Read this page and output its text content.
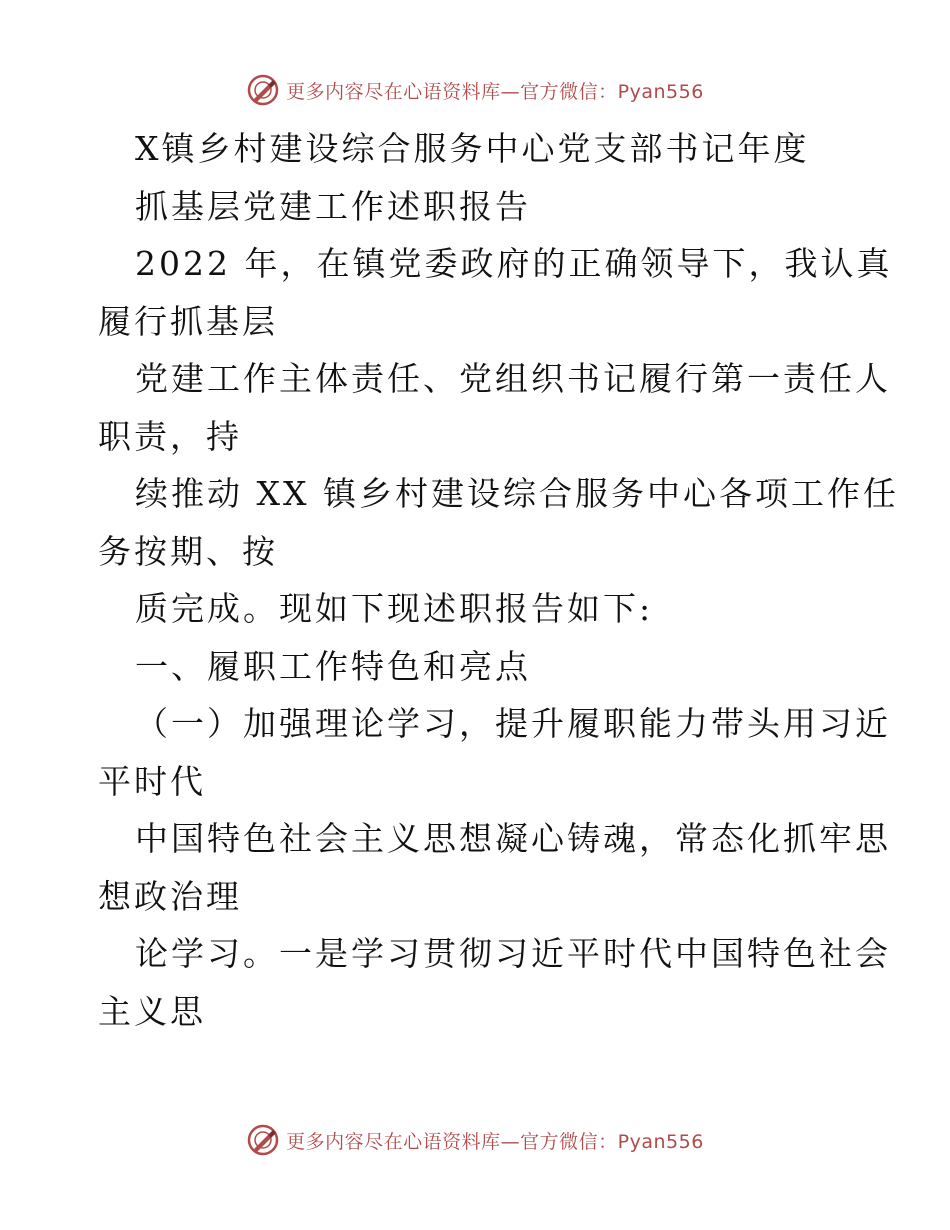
更多内容尽在心语资料库—官方微信：Pyan556
X镇乡村建设综合服务中心党支部书记年度
抓基层党建工作述职报告
2022 年，在镇党委政府的正确领导下，我认真
履行抓基层
党建工作主体责任、党组织书记履行第一责任人
职责，持
续推动 XX 镇乡村建设综合服务中心各项工作任
务按期、按
质完成。现如下现述职报告如下:
一、履职工作特色和亮点
（一）加强理论学习，提升履职能力带头用习近
平时代
中国特色社会主义思想凝心铸魂，常态化抓牢思
想政治理
论学习。一是学习贯彻习近平时代中国特色社会
主义思
更多内容尽在心语资料库—官方微信：Pyan556
